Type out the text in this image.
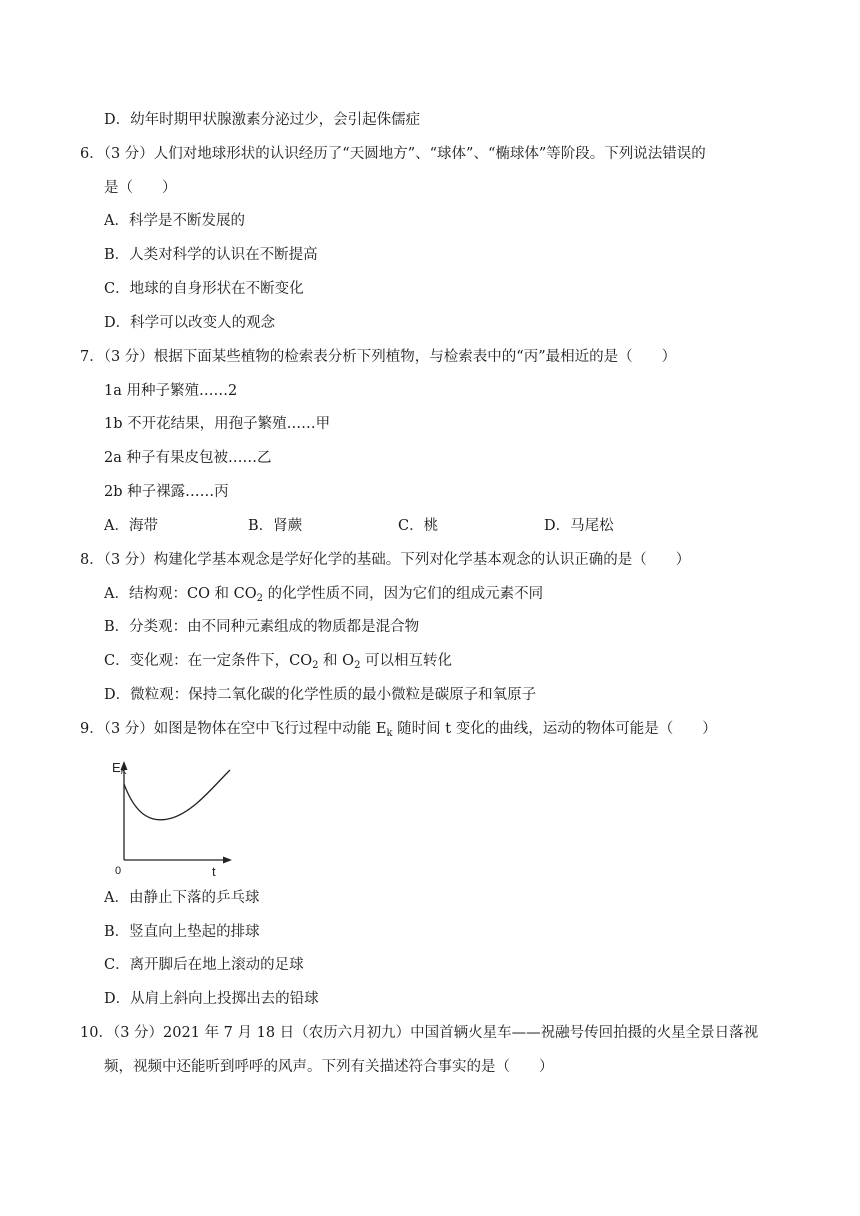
D．幼年时期甲状腺激素分泌过少，会引起侏儒症
6．（3 分）人们对地球形状的认识经历了“天圆地方”、“球体”、“椭球体”等阶段。下列说法错误的
是（　　）
A．科学是不断发展的
B．人类对科学的认识在不断提高
C．地球的自身形状在不断变化
D．科学可以改变人的观念
7．（3 分）根据下面某些植物的检索表分析下列植物，与检索表中的“丙”最相近的是（　　）
1a 用种子繁殖……2
1b 不开花结果，用孢子繁殖……甲
2a 种子有果皮包被……乙
2b 种子裸露……丙
A．海带	B．肾蕨	C．桃	D．马尾松
8．（3 分）构建化学基本观念是学好化学的基础。下列对化学基本观念的认识正确的是（　　）
A．结构观：CO 和 $CO_2$ 的化学性质不同，因为它们的组成元素不同
B．分类观：由不同种元素组成的物质都是混合物
C．变化观：在一定条件下，$CO_2$ 和 $O_2$ 可以相互转化
D．微粒观：保持二氧化碳的化学性质的最小微粒是碳原子和氧原子
9．（3 分）如图是物体在空中飞行过程中动能 $E_k$ 随时间 t 变化的曲线，运动的物体可能是（　　）
EK
0	t
A．由静止下落的乒乓球
B．竖直向上垫起的排球
C．离开脚后在地上滚动的足球
D．从肩上斜向上投掷出去的铅球
10．（3 分）2021 年 7 月 18 日（农历六月初九）中国首辆火星车——祝融号传回拍摄的火星全景日落视
频，视频中还能听到呼呼的风声。下列有关描述符合事实的是（　　）
